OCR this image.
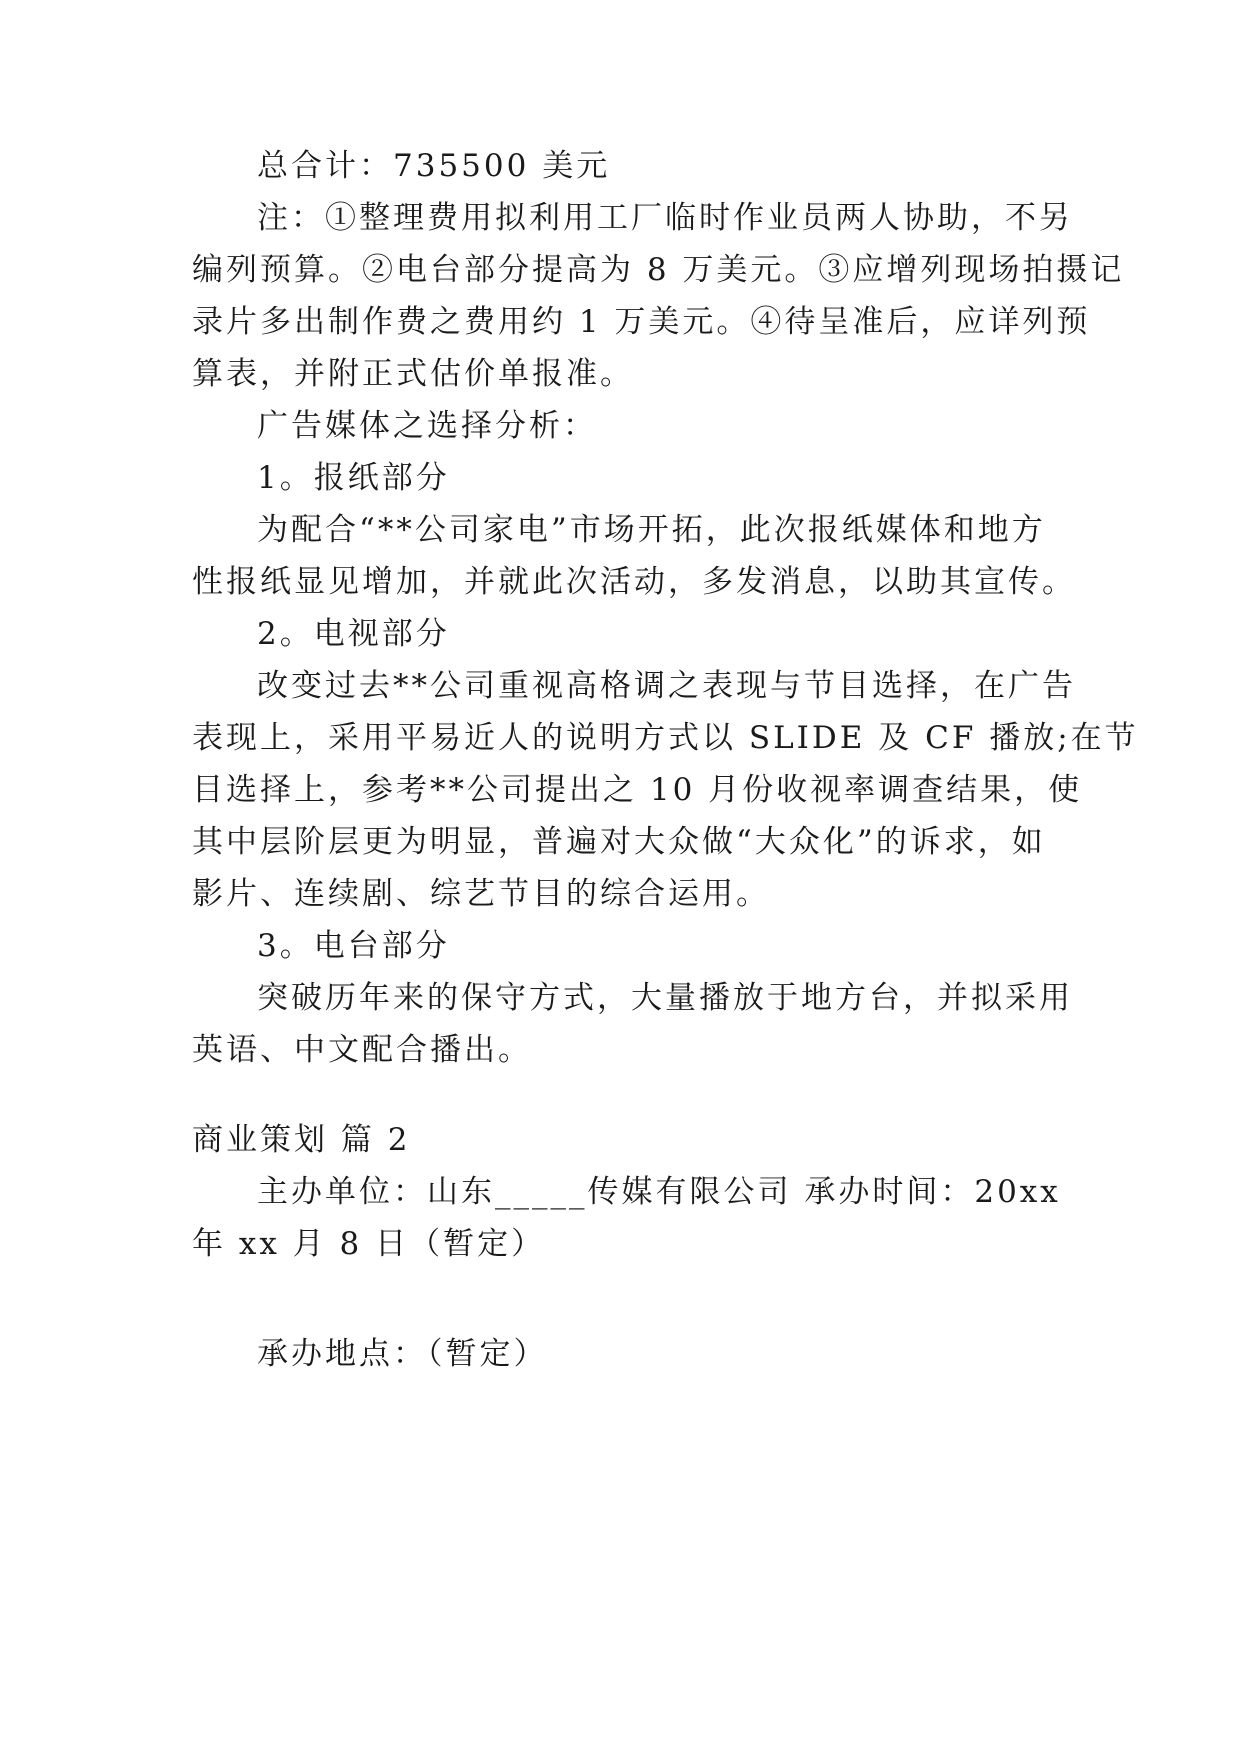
总合计：735500 美元
注：①整理费用拟利用工厂临时作业员两人协助，不另
编列预算。②电台部分提高为 8 万美元。③应增列现场拍摄记
录片多出制作费之费用约 1 万美元。④待呈准后，应详列预
算表，并附正式估价单报准。
广告媒体之选择分析：
1。报纸部分
为配合“**公司家电”市场开拓，此次报纸媒体和地方
性报纸显见增加，并就此次活动，多发消息，以助其宣传。
2。电视部分
改变过去**公司重视高格调之表现与节目选择，在广告
表现上，采用平易近人的说明方式以 SLIDE 及 CF 播放;在节
目选择上，参考**公司提出之 10 月份收视率调查结果，使
其中层阶层更为明显，普遍对大众做“大众化”的诉求，如
影片、连续剧、综艺节目的综合运用。
3。电台部分
突破历年来的保守方式，大量播放于地方台，并拟采用
英语、中文配合播出。
商业策划 篇 2
主办单位：山东_____传媒有限公司 承办时间：20xx
年 xx 月 8 日（暂定）
承办地点：（暂定）
